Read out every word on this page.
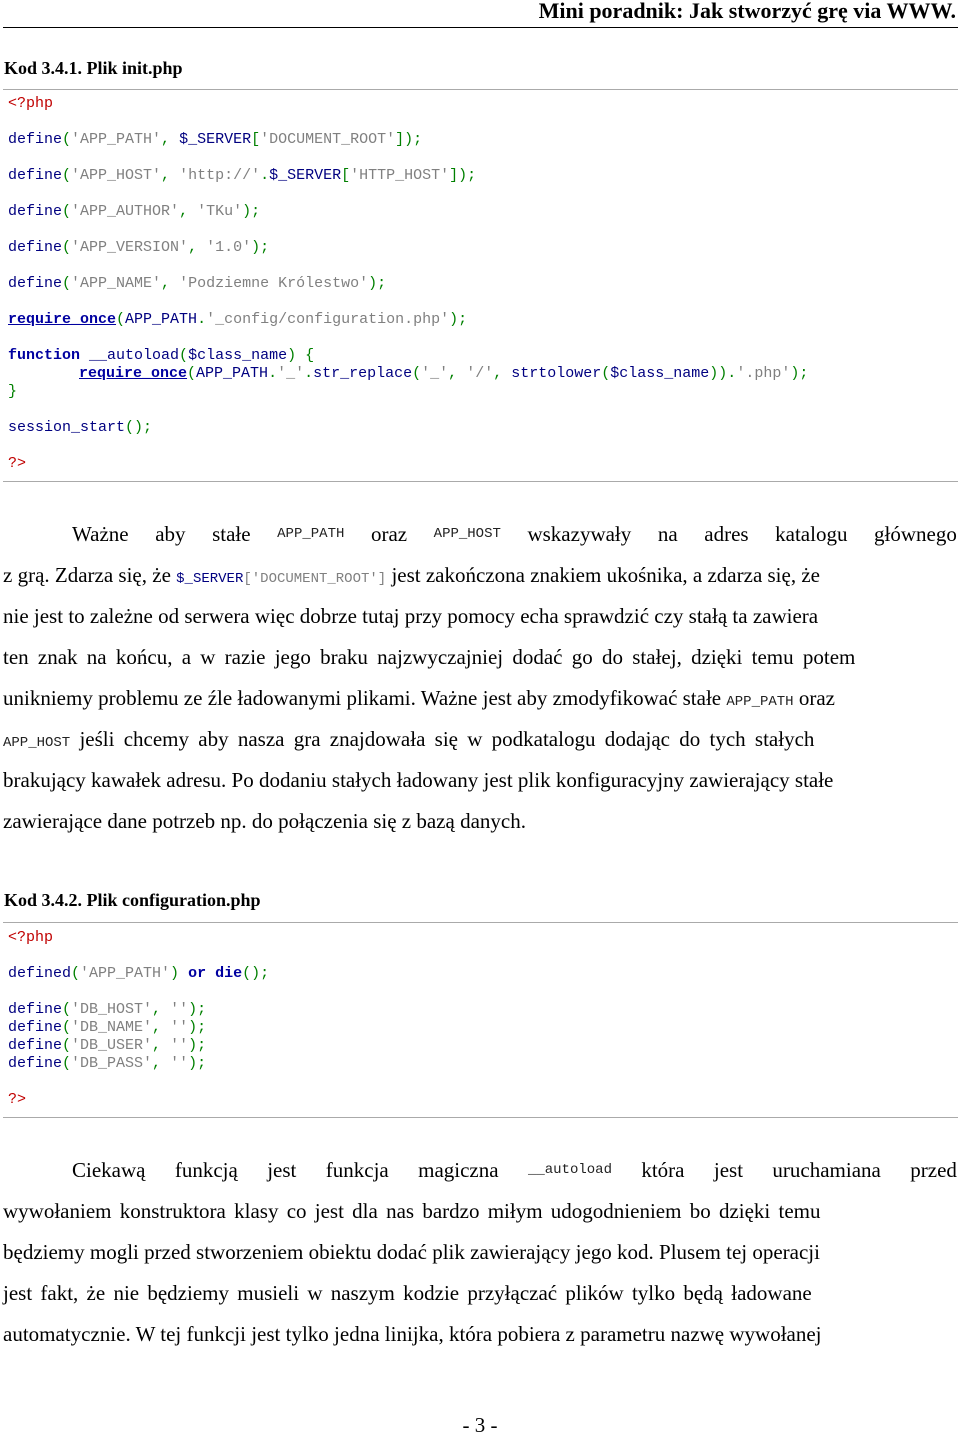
Mini poradnik: Jak stworzyć grę via WWW.
Kod 3.4.1. Plik init.php

<?php

define('APP_PATH', $_SERVER['DOCUMENT_ROOT']);

define('APP_HOST', 'http://'.$_SERVER['HTTP_HOST']);

define('APP_AUTHOR', 'TKu');

define('APP_VERSION', '1.0');

define('APP_NAME', 'Podziemne Królestwo');

require_once(APP_PATH.'_config/configuration.php');

function __autoload($class_name) {

require_once(APP_PATH.'_'.str_replace('_', '/', strtolower($class_name)).'.php');

}

session_start();

?>

Ważne aby stałe APP_PATH oraz APP_HOST wskazywały na adres katalogu głównego
z grą. Zdarza się, że $_SERVER['DOCUMENT_ROOT'] jest zakończona znakiem ukośnika, a zdarza się, że
nie jest to zależne od serwera więc dobrze tutaj przy pomocy echa sprawdzić czy stałą ta zawiera
ten znak na końcu, a w razie jego braku najzwyczajniej dodać go do stałej, dzięki temu potem
unikniemy problemu ze źle ładowanymi plikami. Ważne jest aby zmodyfikować stałe APP_PATH oraz
APP_HOST jeśli chcemy aby nasza gra znajdowała się w podkatalogu dodając do tych stałych
brakujący kawałek adresu. Po dodaniu stałych ładowany jest plik konfiguracyjny zawierający stałe
zawierające dane potrzeb np. do połączenia się z bazą danych.
Kod 3.4.2. Plik configuration.php

<?php

defined('APP_PATH') or die();

define('DB_HOST', '');

define('DB_NAME', '');

define('DB_USER', '');

define('DB_PASS', '');

?>

Ciekawą funkcją jest funkcja magiczna __autoload która jest uruchamiana przed
wywołaniem konstruktora klasy co jest dla nas bardzo miłym udogodnieniem bo dzięki temu
będziemy mogli przed stworzeniem obiektu dodać plik zawierający jego kod. Plusem tej operacji
jest fakt, że nie będziemy musieli w naszym kodzie przyłączać plików tylko będą ładowane
automatycznie. W tej funkcji jest tylko jedna linijka, która pobiera z parametru nazwę wywołanej
- 3 -
